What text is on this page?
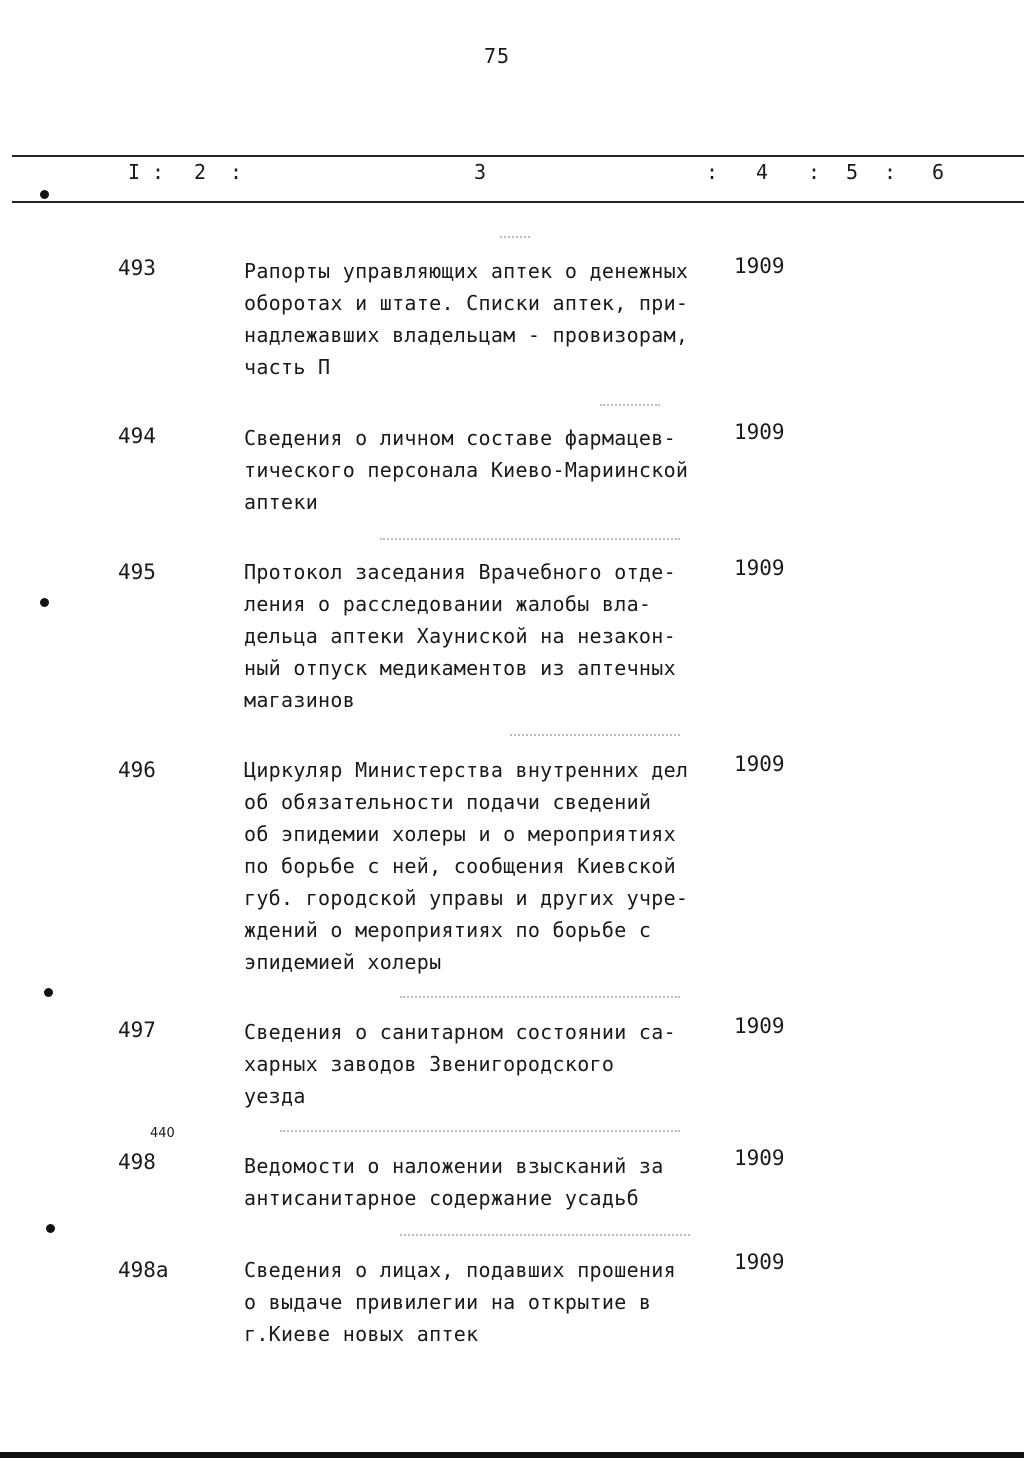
75
I : 2 :	3	: 4 : 5 : 6
493	Рапорты управляющих аптек о денежных
оборотах и штате. Списки аптек, при-
надлежавших владельцам - провизорам,
часть П
1909
494	Сведения о личном составе фармацев-
тического персонала Киево-Мариинской
аптеки
1909
495	Протокол заседания Врачебного отде-
ления о расследовании жалобы вла-
дельца аптеки Хауниской на незакон-
ный отпуск медикаментов из аптечных
магазинов
1909
496	Циркуляр Министерства внутренних дел
об обязательности подачи сведений
об эпидемии холеры и о мероприятиях
по борьбе с ней, сообщения Киевской
губ. городской управы и других учре-
ждений о мероприятиях по борьбе с
эпидемией холеры
1909
497	Сведения о санитарном состоянии са-
харных заводов Звенигородского
уезда
1909
440
498	Ведомости о наложении взысканий за
антисанитарное содержание усадьб
1909
498а	Сведения о лицах, подавших прошения
о выдаче привилегии на открытие в
г.Киеве новых аптек
1909
